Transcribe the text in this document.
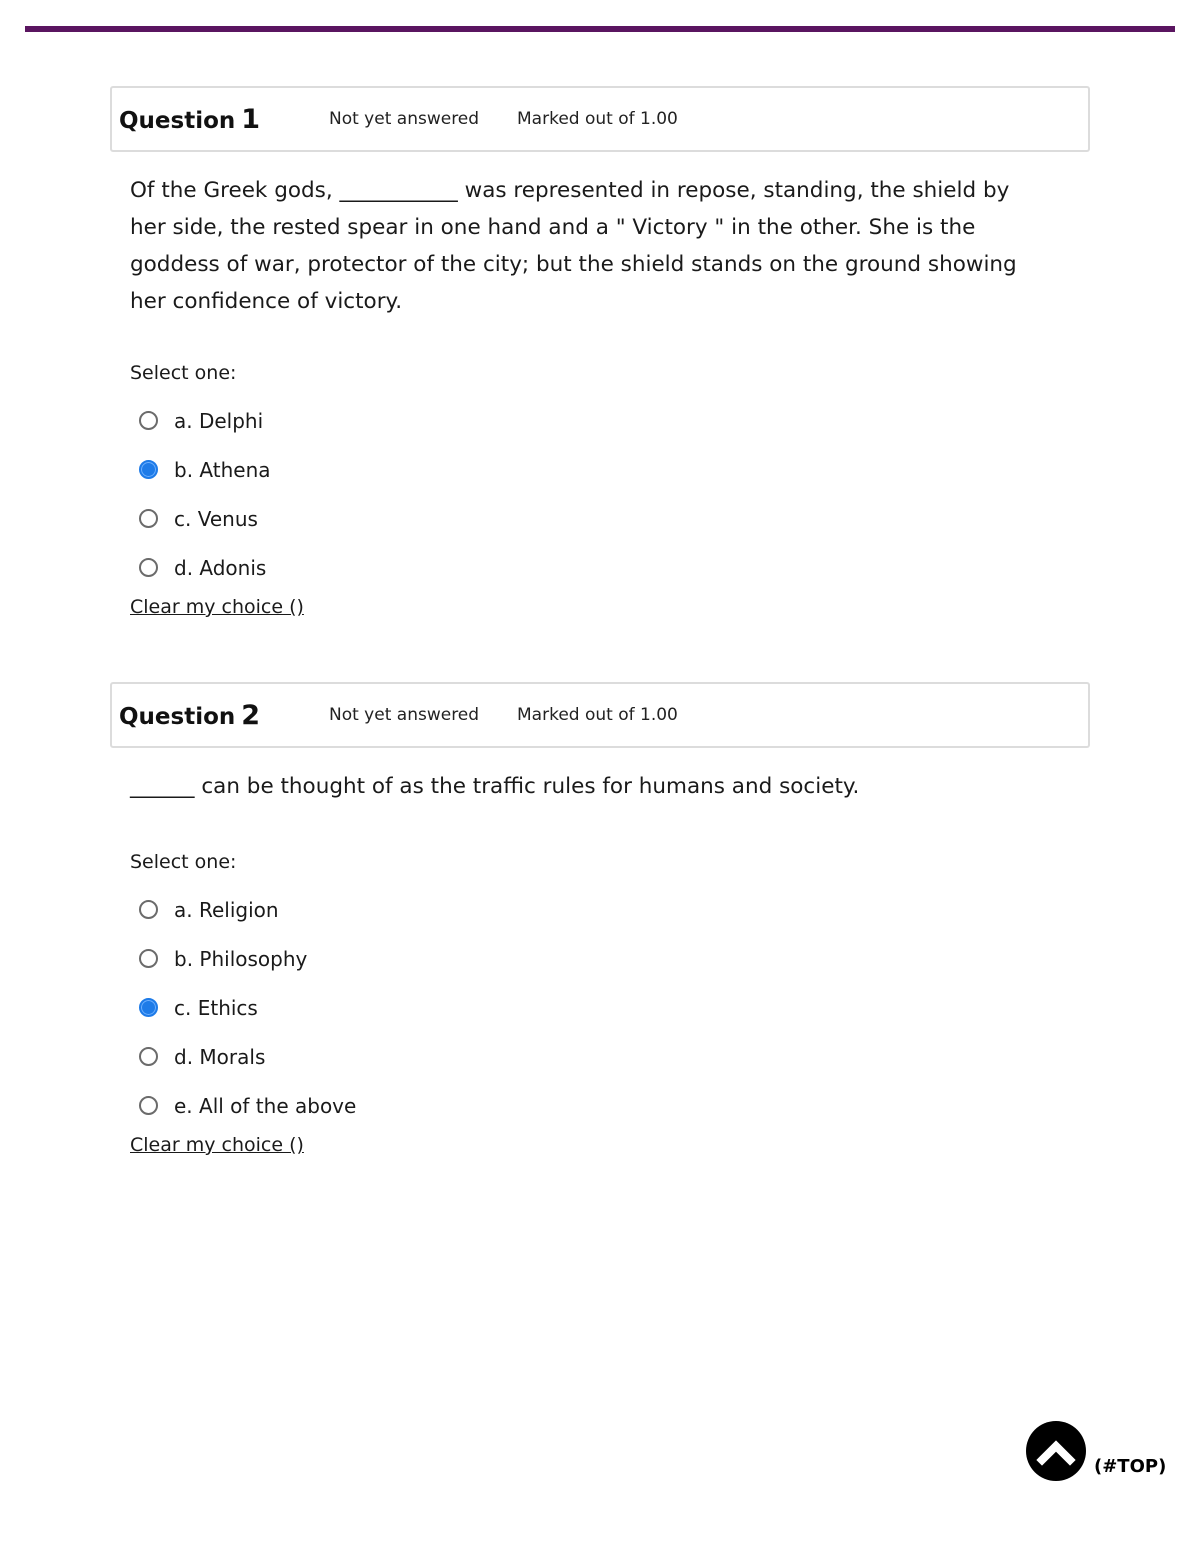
Question 1	Not yet answered	Marked out of 1.00
Of the Greek gods, ___________ was represented in repose, standing, the shield by her side, the rested spear in one hand and a " Victory " in the other. She is the goddess of war, protector of the city; but the shield stands on the ground showing her confidence of victory.
Select one:
a. Delphi
b. Athena
c. Venus
d. Adonis
Clear my choice ()
Question 2	Not yet answered	Marked out of 1.00
______ can be thought of as the traffic rules for humans and society.
Select one:
a. Religion
b. Philosophy
c. Ethics
d. Morals
e. All of the above
Clear my choice ()
(#TOP)
